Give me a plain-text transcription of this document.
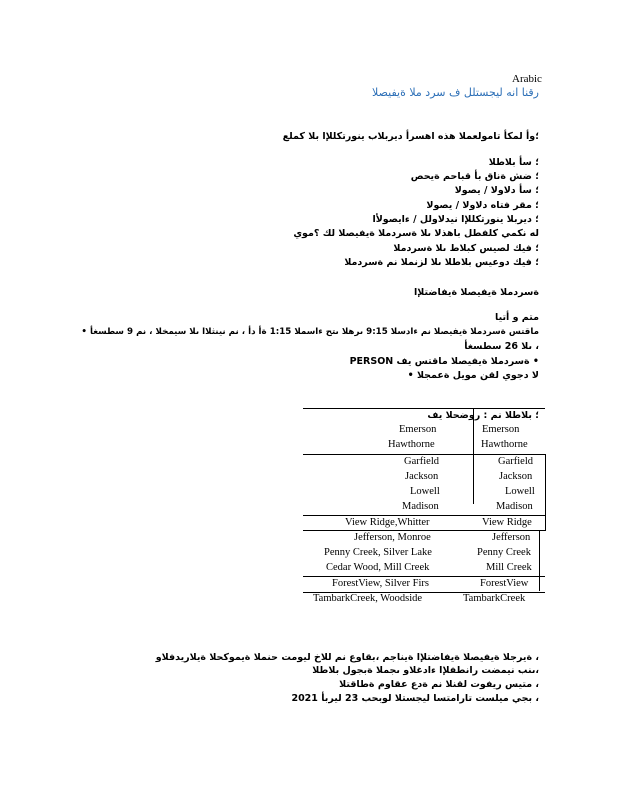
Arabic
رقنا انه ليجستلل ف سرد ملا ةيفيصلا
؛وأ لمكأ تامولعملا هذه اهسرأ ديربلاب ينورتكللإا بلا كملع
؛ سأ بلاطلا
؛ ضش ةناق بأ قباحم ةيحص
؛ سأ دلاولا / يصولا
؛ مقر فتاه دلاولا / يصولا
؛ ديربلا ينورتكللإا نيدلاولل / ءايصولأا
له نكمي كلفطل باهذلا ىلا ةسردملا ةيفيصلا لك ؟موي
؛ فيك لصيس كبلاط ىلا ةسردملا
؛ فيك دوعيس بلاطلا ىلا لزنملا نم ةسردملا
ةسردملا ةيفيصلا ةيفاضتلإا
متم و أتيا
ماقتس ةسردملا ةيفيصلا نم ءادسلا 9:15 ىرهلا ىتح ءاسملا 1:15 ةأ دأ ، نم نينثلاا ىلا سيمخلا ، نم 9 سطسغأ •
، ىلا 26 سطسغأ
PERSON ةسردملا ةيفيصلا ماقتس يف •
لا دجوي لقن مويل ةعمجلا •
؛ بلاطلا نم : روضحلا يف
Emerson	Emerson
Hawthorne	Hawthorne
Garfield	Garfield
Jackson	Jackson
Lowell	Lowell
Madison	Madison
View Ridge,Whitter	View Ridge
Jefferson, Monroe	Jefferson
Penny Creek, Silver Lake	Penny Creek
Cedar Wood, Mill Creek	Mill Creek
ForestView, Silver Firs	ForestView
TambarkCreek, Woodside	TambarkCreek
، ةيرجلا ةيفيصلا ةيفاضتلإا ةيناجم ،بقاوع نم للاخ ليومت حنملا ةيموكحلا ةيلاريدفلاو
،ىنب نيمضت رانطفلإا ءادغلاو ىجملا ةبجول بلاطلا
، متيس ريفوت لقنلا نم ةدع عقاوم ةطاقتلا
، بجي ميلست تارامتسا ليجستلا لوبحب 23 ليربأ 2021
